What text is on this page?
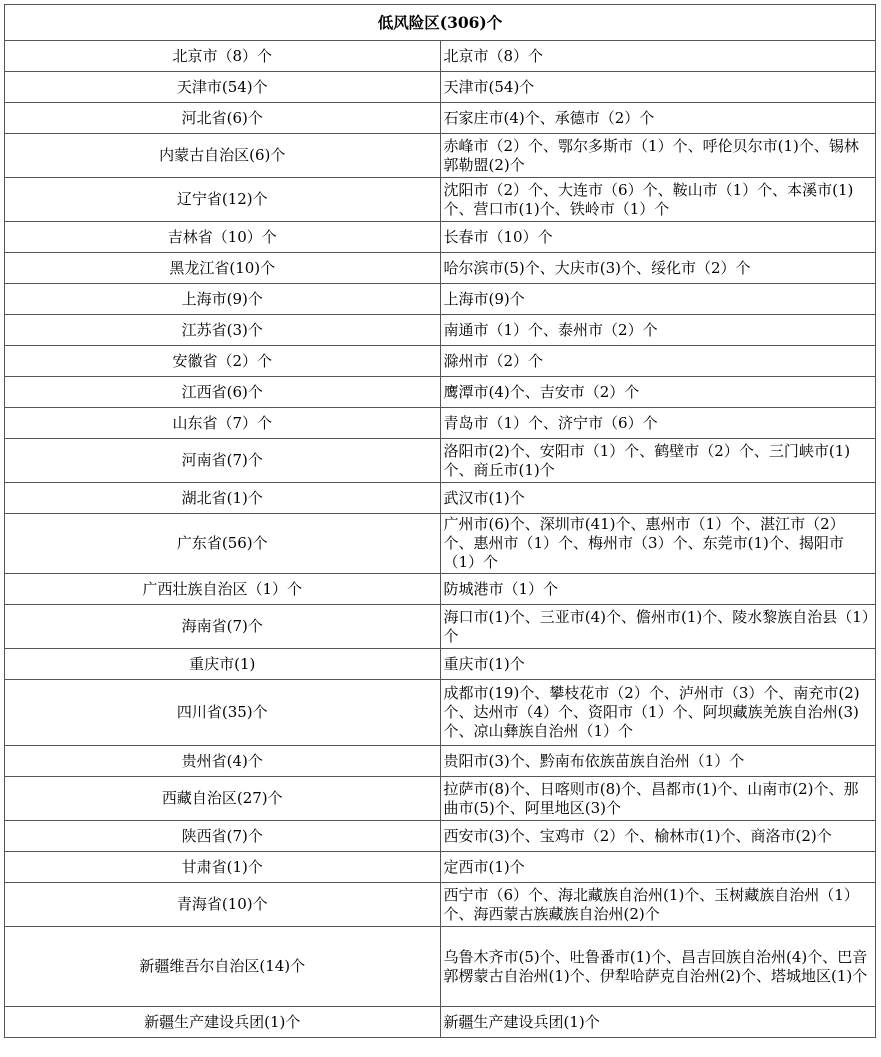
低风险区(306)个	
北京市（8）个	北京市（8）个
天津市(54)个	天津市(54)个
河北省(6)个	石家庄市(4)个、承德市（2）个
内蒙古自治区(6)个	赤峰市（2）个、鄂尔多斯市（1）个、呼伦贝尔市(1)个、锡林郭勒盟(2)个
辽宁省(12)个	沈阳市（2）个、大连市（6）个、鞍山市（1）个、本溪市(1)个、营口市(1)个、铁岭市（1）个
吉林省（10）个	长春市（10）个
黑龙江省(10)个	哈尔滨市(5)个、大庆市(3)个、绥化市（2）个
上海市(9)个	上海市(9)个
江苏省(3)个	南通市（1）个、泰州市（2）个
安徽省（2）个	滁州市（2）个
江西省(6)个	鹰潭市(4)个、吉安市（2）个
山东省（7）个	青岛市（1）个、济宁市（6）个
河南省(7)个	洛阳市(2)个、安阳市（1）个、鹤壁市（2）个、三门峡市(1)个、商丘市(1)个
湖北省(1)个	武汉市(1)个
广东省(56)个	广州市(6)个、深圳市(41)个、惠州市（1）个、湛江市（2）个、惠州市（1）个、梅州市（3）个、东莞市(1)个、揭阳市（1）个
广西壮族自治区（1）个	防城港市（1）个
海南省(7)个	海口市(1)个、三亚市(4)个、儋州市(1)个、陵水黎族自治县（1）个
重庆市(1)	重庆市(1)个
四川省(35)个	成都市(19)个、攀枝花市（2）个、泸州市（3）个、南充市(2)个、达州市（4）个、资阳市（1）个、阿坝藏族羌族自治州(3)个、凉山彝族自治州（1）个
贵州省(4)个	贵阳市(3)个、黔南布依族苗族自治州（1）个
西藏自治区(27)个	拉萨市(8)个、日喀则市(8)个、昌都市(1)个、山南市(2)个、那曲市(5)个、阿里地区(3)个
陕西省(7)个	西安市(3)个、宝鸡市（2）个、榆林市(1)个、商洛市(2)个
甘肃省(1)个	定西市(1)个
青海省(10)个	西宁市（6）个、海北藏族自治州(1)个、玉树藏族自治州（1）个、海西蒙古族藏族自治州(2)个
新疆维吾尔自治区(14)个	乌鲁木齐市(5)个、吐鲁番市(1)个、昌吉回族自治州(4)个、巴音郭楞蒙古自治州(1)个、伊犁哈萨克自治州(2)个、塔城地区(1)个
新疆生产建设兵团(1)个	新疆生产建设兵团(1)个
